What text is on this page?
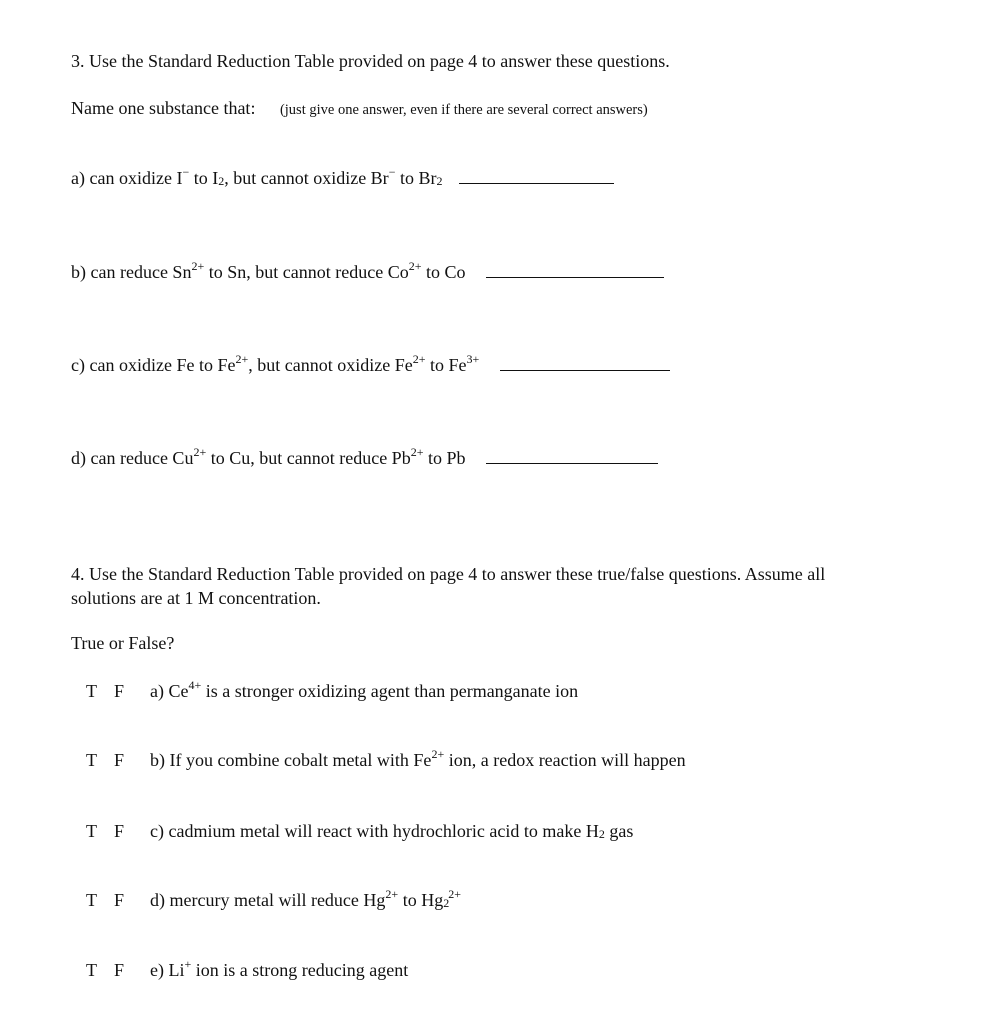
3. Use the Standard Reduction Table provided on page 4 to answer these questions.
Name one substance that: (just give one answer, even if there are several correct answers)
a) can oxidize I− to $I_2$, but cannot oxidize Br− to $Br_2$
b) can reduce $Sn^{2+}$ to Sn, but cannot reduce $Co^{2+}$ to Co
c) can oxidize Fe to $Fe^{2+}$, but cannot oxidize $Fe^{2+}$ to $Fe^{3+}$
d) can reduce $Cu^{2+}$ to Cu, but cannot reduce $Pb^{2+}$ to Pb
4. Use the Standard Reduction Table provided on page 4 to answer these true/false questions. Assume all
solutions are at 1 M concentration.
True or False?
T F a) $Ce^{4+}$ is a stronger oxidizing agent than permanganate ion
T F b) If you combine cobalt metal with $Fe^{2+}$ ion, a redox reaction will happen
T F c) cadmium metal will react with hydrochloric acid to make $H_2$ gas
T F d) mercury metal will reduce $Hg^{2+}$ to $Hg_2^{2+}$
T F e) Li+ ion is a strong reducing agent
